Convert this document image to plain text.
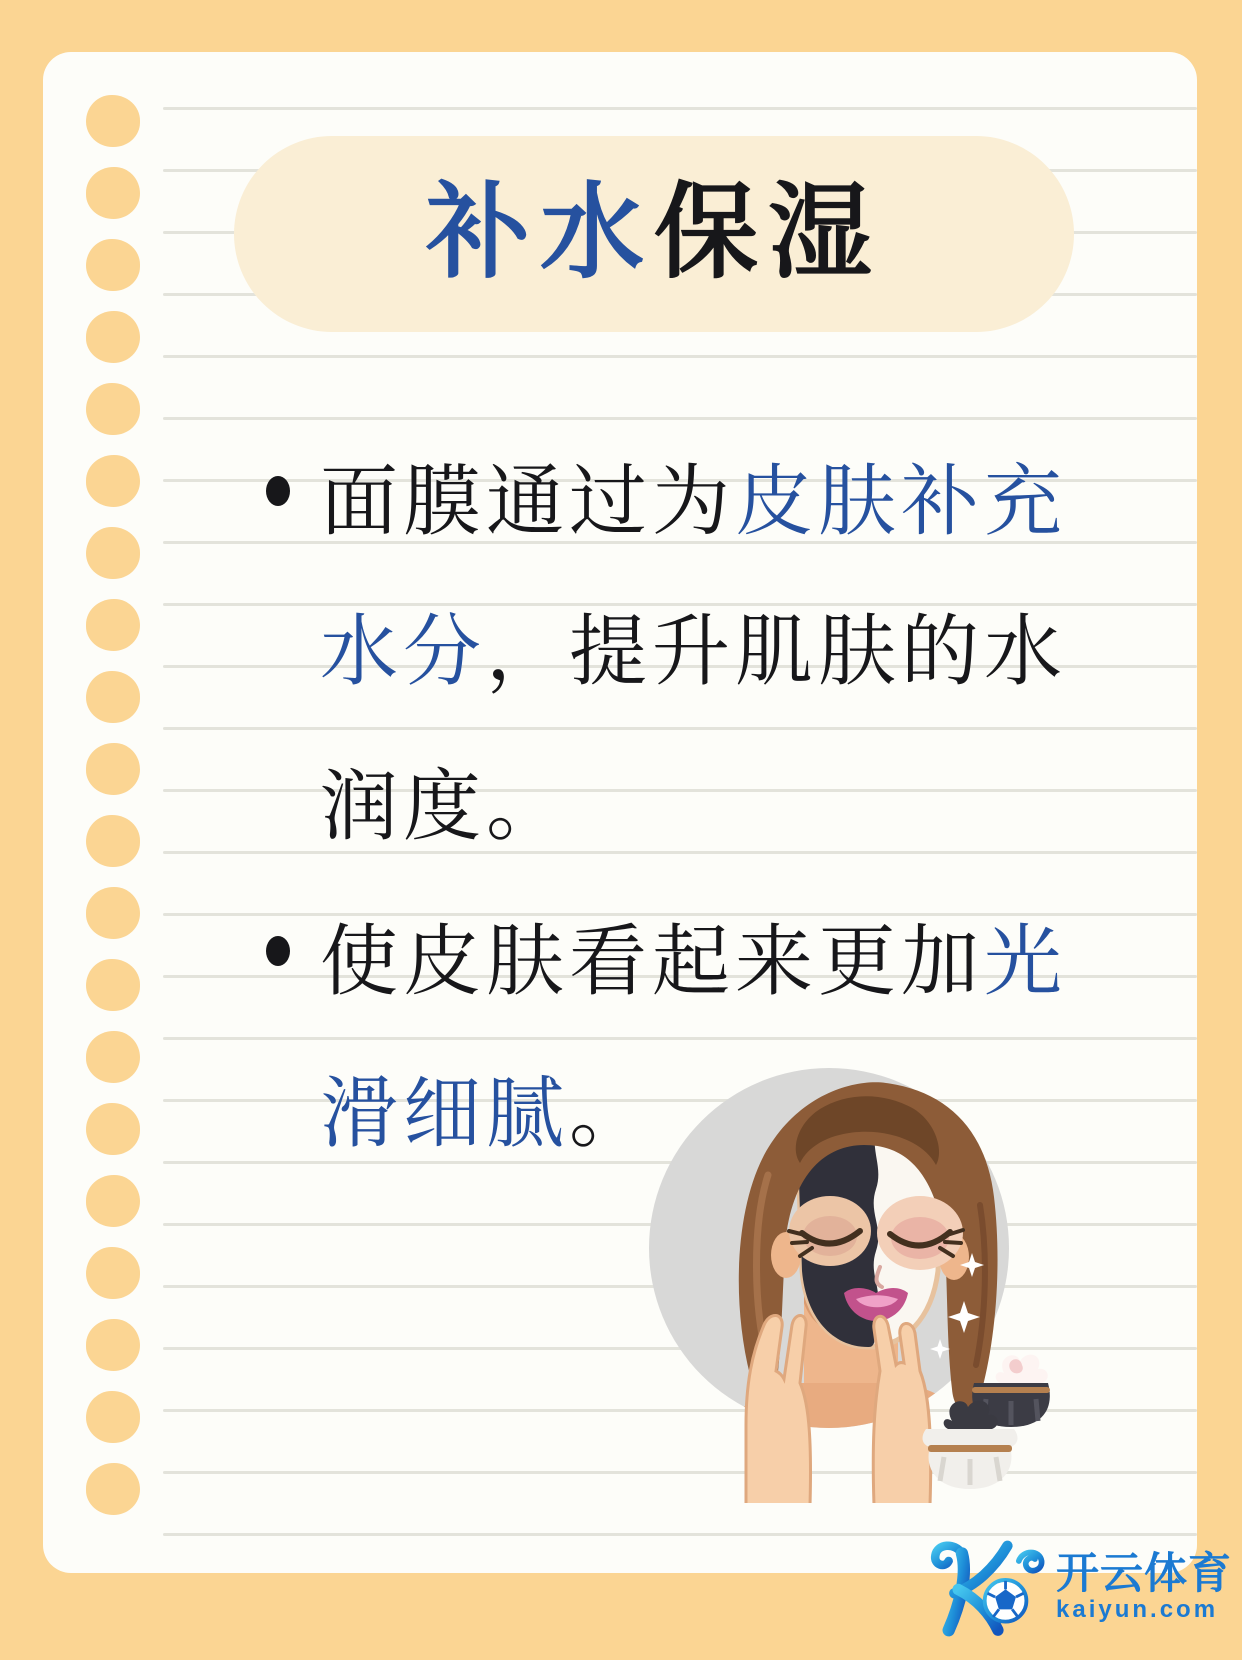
补水保湿
面膜通过为皮肤补充
水分，提升肌肤的水
润度。
使皮肤看起来更加光
滑细腻。
开云体育
kaiyun.com
